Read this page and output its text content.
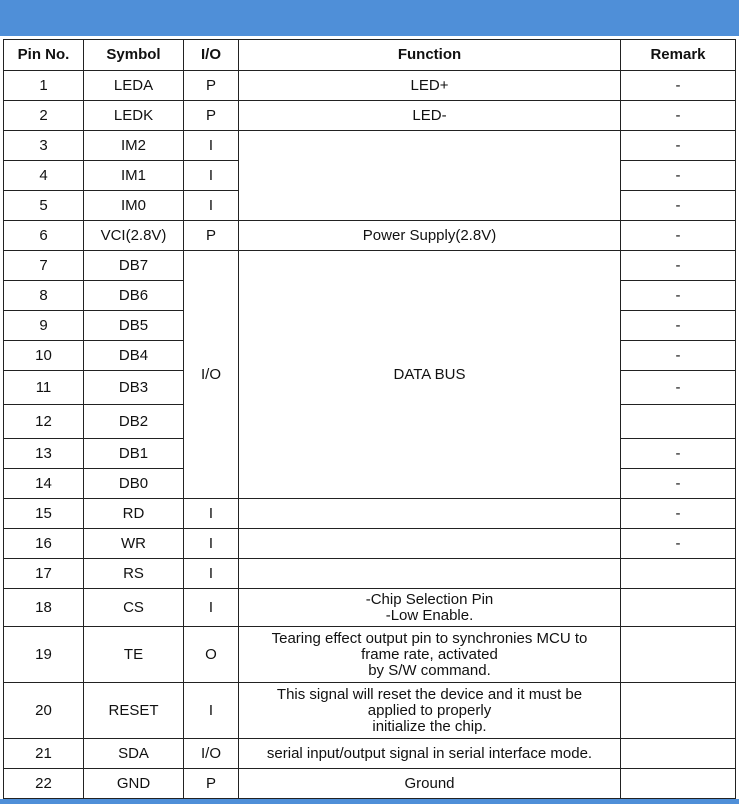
Pin No.	Symbol	I/O	Function	Remark
1	LEDA	P	LED+	-
2	LEDK	P	LED-	-
3	IM2	I		-
4	IM1	I		-
5	IM0	I		-
6	VCI(2.8V)	P	Power Supply(2.8V)	-
7	DB7	I/O	DATA BUS	-
8	DB6			-
9	DB5			-
10	DB4			-
11	DB3			-
12	DB2			
13	DB1			-
14	DB0			-
15	RD	I		-
16	WR	I		-
17	RS	I		
18	CS	I	-Chip Selection Pin
-Low Enable.	

19	TE	O	Tearing effect output pin to synchronies MCU to
frame rate, activated
by S/W command.	

20	RESET	I	This signal will reset the device and it must be
applied to properly
initialize the chip.	

21	SDA	I/O	serial input/output signal in serial interface mode.	
22	GND	P	Ground	
